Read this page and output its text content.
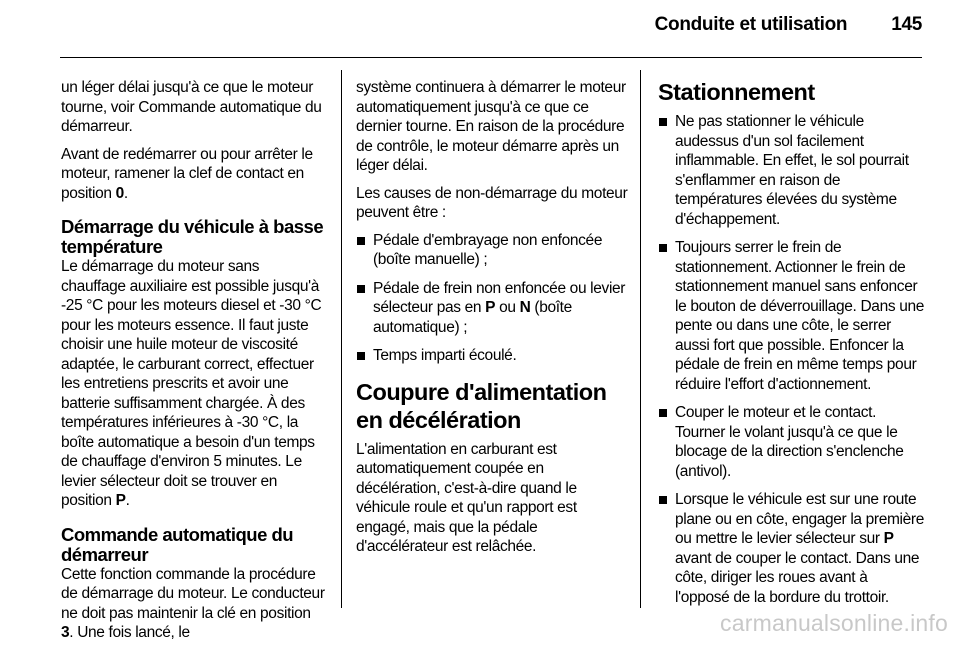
Conduite et utilisation 145

un léger délai jusqu'à ce que le moteur tourne, voir Commande automatique du démarreur.

Avant de redémarrer ou pour arrêter le moteur, ramener la clef de contact en position 0.

Démarrage du véhicule à basse température

Le démarrage du moteur sans chauffage auxiliaire est possible jusqu'à -25 °C pour les moteurs diesel et -30 °C pour les moteurs essence. Il faut juste choisir une huile moteur de viscosité adaptée, le carburant correct, effectuer les entretiens prescrits et avoir une batterie suffisamment chargée. À des températures inférieures à -30 °C, la boîte automatique a besoin d'un temps de chauffage d'environ 5 minutes. Le levier sélecteur doit se trouver en position P.

Commande automatique du démarreur

Cette fonction commande la procédure de démarrage du moteur. Le conducteur ne doit pas maintenir la clé en position 3. Une fois lancé, le

système continuera à démarrer le moteur automatiquement jusqu'à ce que ce dernier tourne. En raison de la procédure de contrôle, le moteur démarre après un léger délai.

Les causes de non-démarrage du moteur peuvent être :

Pédale d'embrayage non enfoncée (boîte manuelle) ;
Pédale de frein non enfoncée ou levier sélecteur pas en P ou N (boîte automatique) ;
Temps imparti écoulé.
Coupure d'alimentation en décélération

L'alimentation en carburant est automatiquement coupée en décélération, c'est-à-dire quand le véhicule roule et qu'un rapport est engagé, mais que la pédale d'accélérateur est relâchée.

Stationnement
Ne pas stationner le véhicule audessus d'un sol facilement inflammable. En effet, le sol pourrait s'enflammer en raison de températures élevées du système d'échappement.
Toujours serrer le frein de stationnement. Actionner le frein de stationnement manuel sans enfoncer le bouton de déverrouillage. Dans une pente ou dans une côte, le serrer aussi fort que possible. Enfoncer la pédale de frein en même temps pour réduire l'effort d'actionnement.
Couper le moteur et le contact. Tourner le volant jusqu'à ce que le blocage de la direction s'enclenche (antivol).
Lorsque le véhicule est sur une route plane ou en côte, engager la première ou mettre le levier sélecteur sur P avant de couper le contact. Dans une côte, diriger les roues avant à l'opposé de la bordure du trottoir.
carmanualsonline.info
